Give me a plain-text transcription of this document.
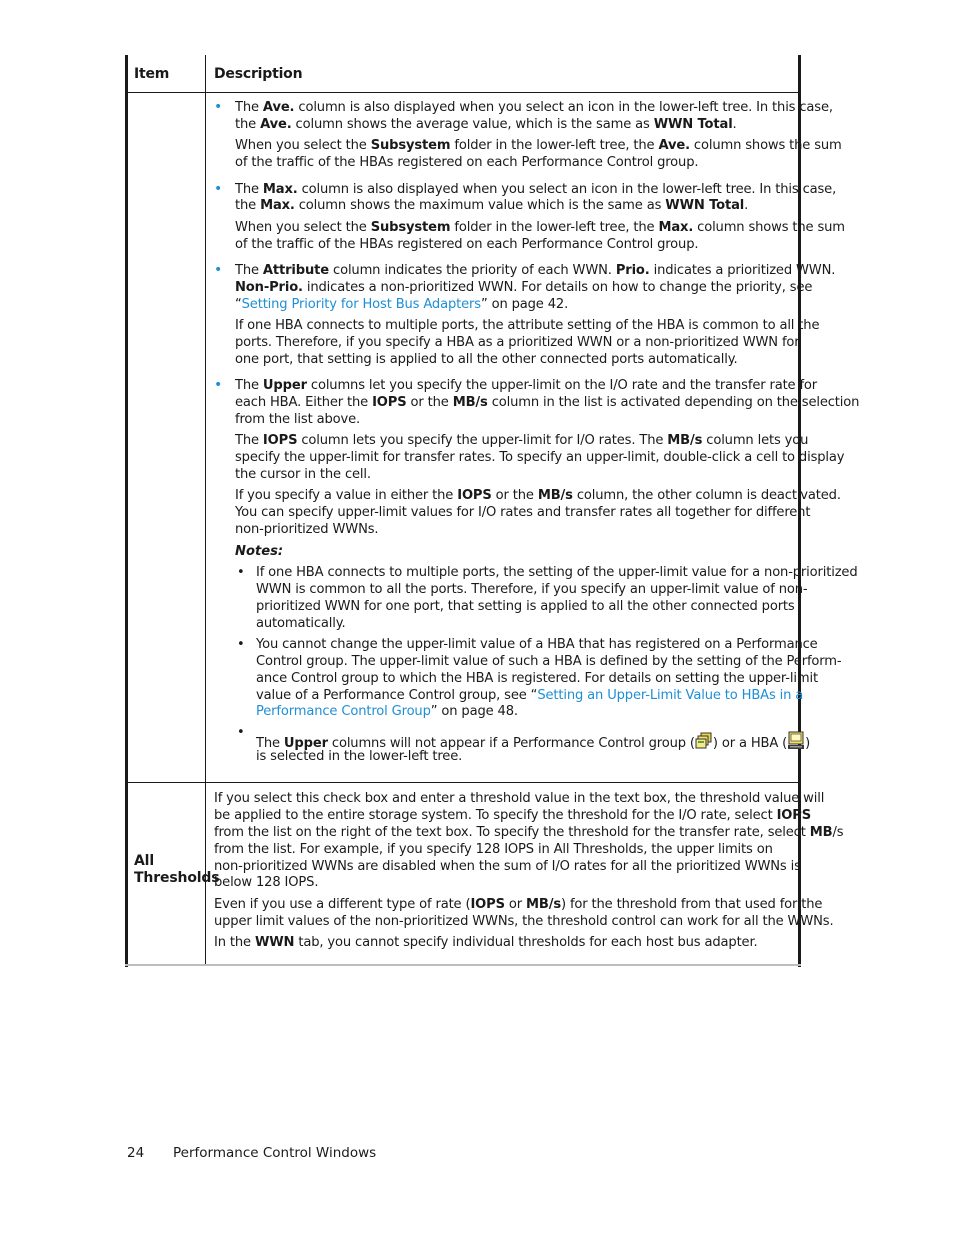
Item	Description
• The Ave. column is also displayed when you select an icon in the lower-left tree. In this case,
the Ave. column shows the average value, which is the same as WWN Total.
When you select the Subsystem folder in the lower-left tree, the Ave. column shows the sum
of the traffic of the HBAs registered on each Performance Control group.
• The Max. column is also displayed when you select an icon in the lower-left tree. In this case,
the Max. column shows the maximum value which is the same as WWN Total.
When you select the Subsystem folder in the lower-left tree, the Max. column shows the sum
of the traffic of the HBAs registered on each Performance Control group.
• The Attribute column indicates the priority of each WWN. Prio. indicates a prioritized WWN.
Non-Prio. indicates a non-prioritized WWN. For details on how to change the priority, see
“Setting Priority for Host Bus Adapters” on page 42.
If one HBA connects to multiple ports, the attribute setting of the HBA is common to all the
ports. Therefore, if you specify a HBA as a prioritized WWN or a non-prioritized WWN for
one port, that setting is applied to all the other connected ports automatically.
• The Upper columns let you specify the upper-limit on the I/O rate and the transfer rate for
each HBA. Either the IOPS or the MB/s column in the list is activated depending on the selection
from the list above.
The IOPS column lets you specify the upper-limit for I/O rates. The MB/s column lets you
specify the upper-limit for transfer rates. To specify an upper-limit, double-click a cell to display
the cursor in the cell.
If you specify a value in either the IOPS or the MB/s column, the other column is deactivated.
You can specify upper-limit values for I/O rates and transfer rates all together for different
non-prioritized WWNs.
Notes:
• If one HBA connects to multiple ports, the setting of the upper-limit value for a non-prioritized
WWN is common to all the ports. Therefore, if you specify an upper-limit value of non-
prioritized WWN for one port, that setting is applied to all the other connected ports
automatically.
• You cannot change the upper-limit value of a HBA that has registered on a Performance
Control group. The upper-limit value of such a HBA is defined by the setting of the Perform-
ance Control group to which the HBA is registered. For details on setting the upper-limit
value of a Performance Control group, see “Setting an Upper-Limit Value to HBAs in a
Performance Control Group” on page 48.
•
The Upper columns will not appear if a Performance Control group ( ) or a HBA ( )
is selected in the lower-left tree.
All
Thresholds
If you select this check box and enter a threshold value in the text box, the threshold value will
be applied to the entire storage system. To specify the threshold for the I/O rate, select IOPS
from the list on the right of the text box. To specify the threshold for the transfer rate, select MB/s
from the list. For example, if you specify 128 IOPS in All Thresholds, the upper limits on
non-prioritized WWNs are disabled when the sum of I/O rates for all the prioritized WWNs is
below 128 IOPS.
Even if you use a different type of rate (IOPS or MB/s) for the threshold from that used for the
upper limit values of the non-prioritized WWNs, the threshold control can work for all the WWNs.
In the WWN tab, you cannot specify individual thresholds for each host bus adapter.
24 Performance Control Windows
